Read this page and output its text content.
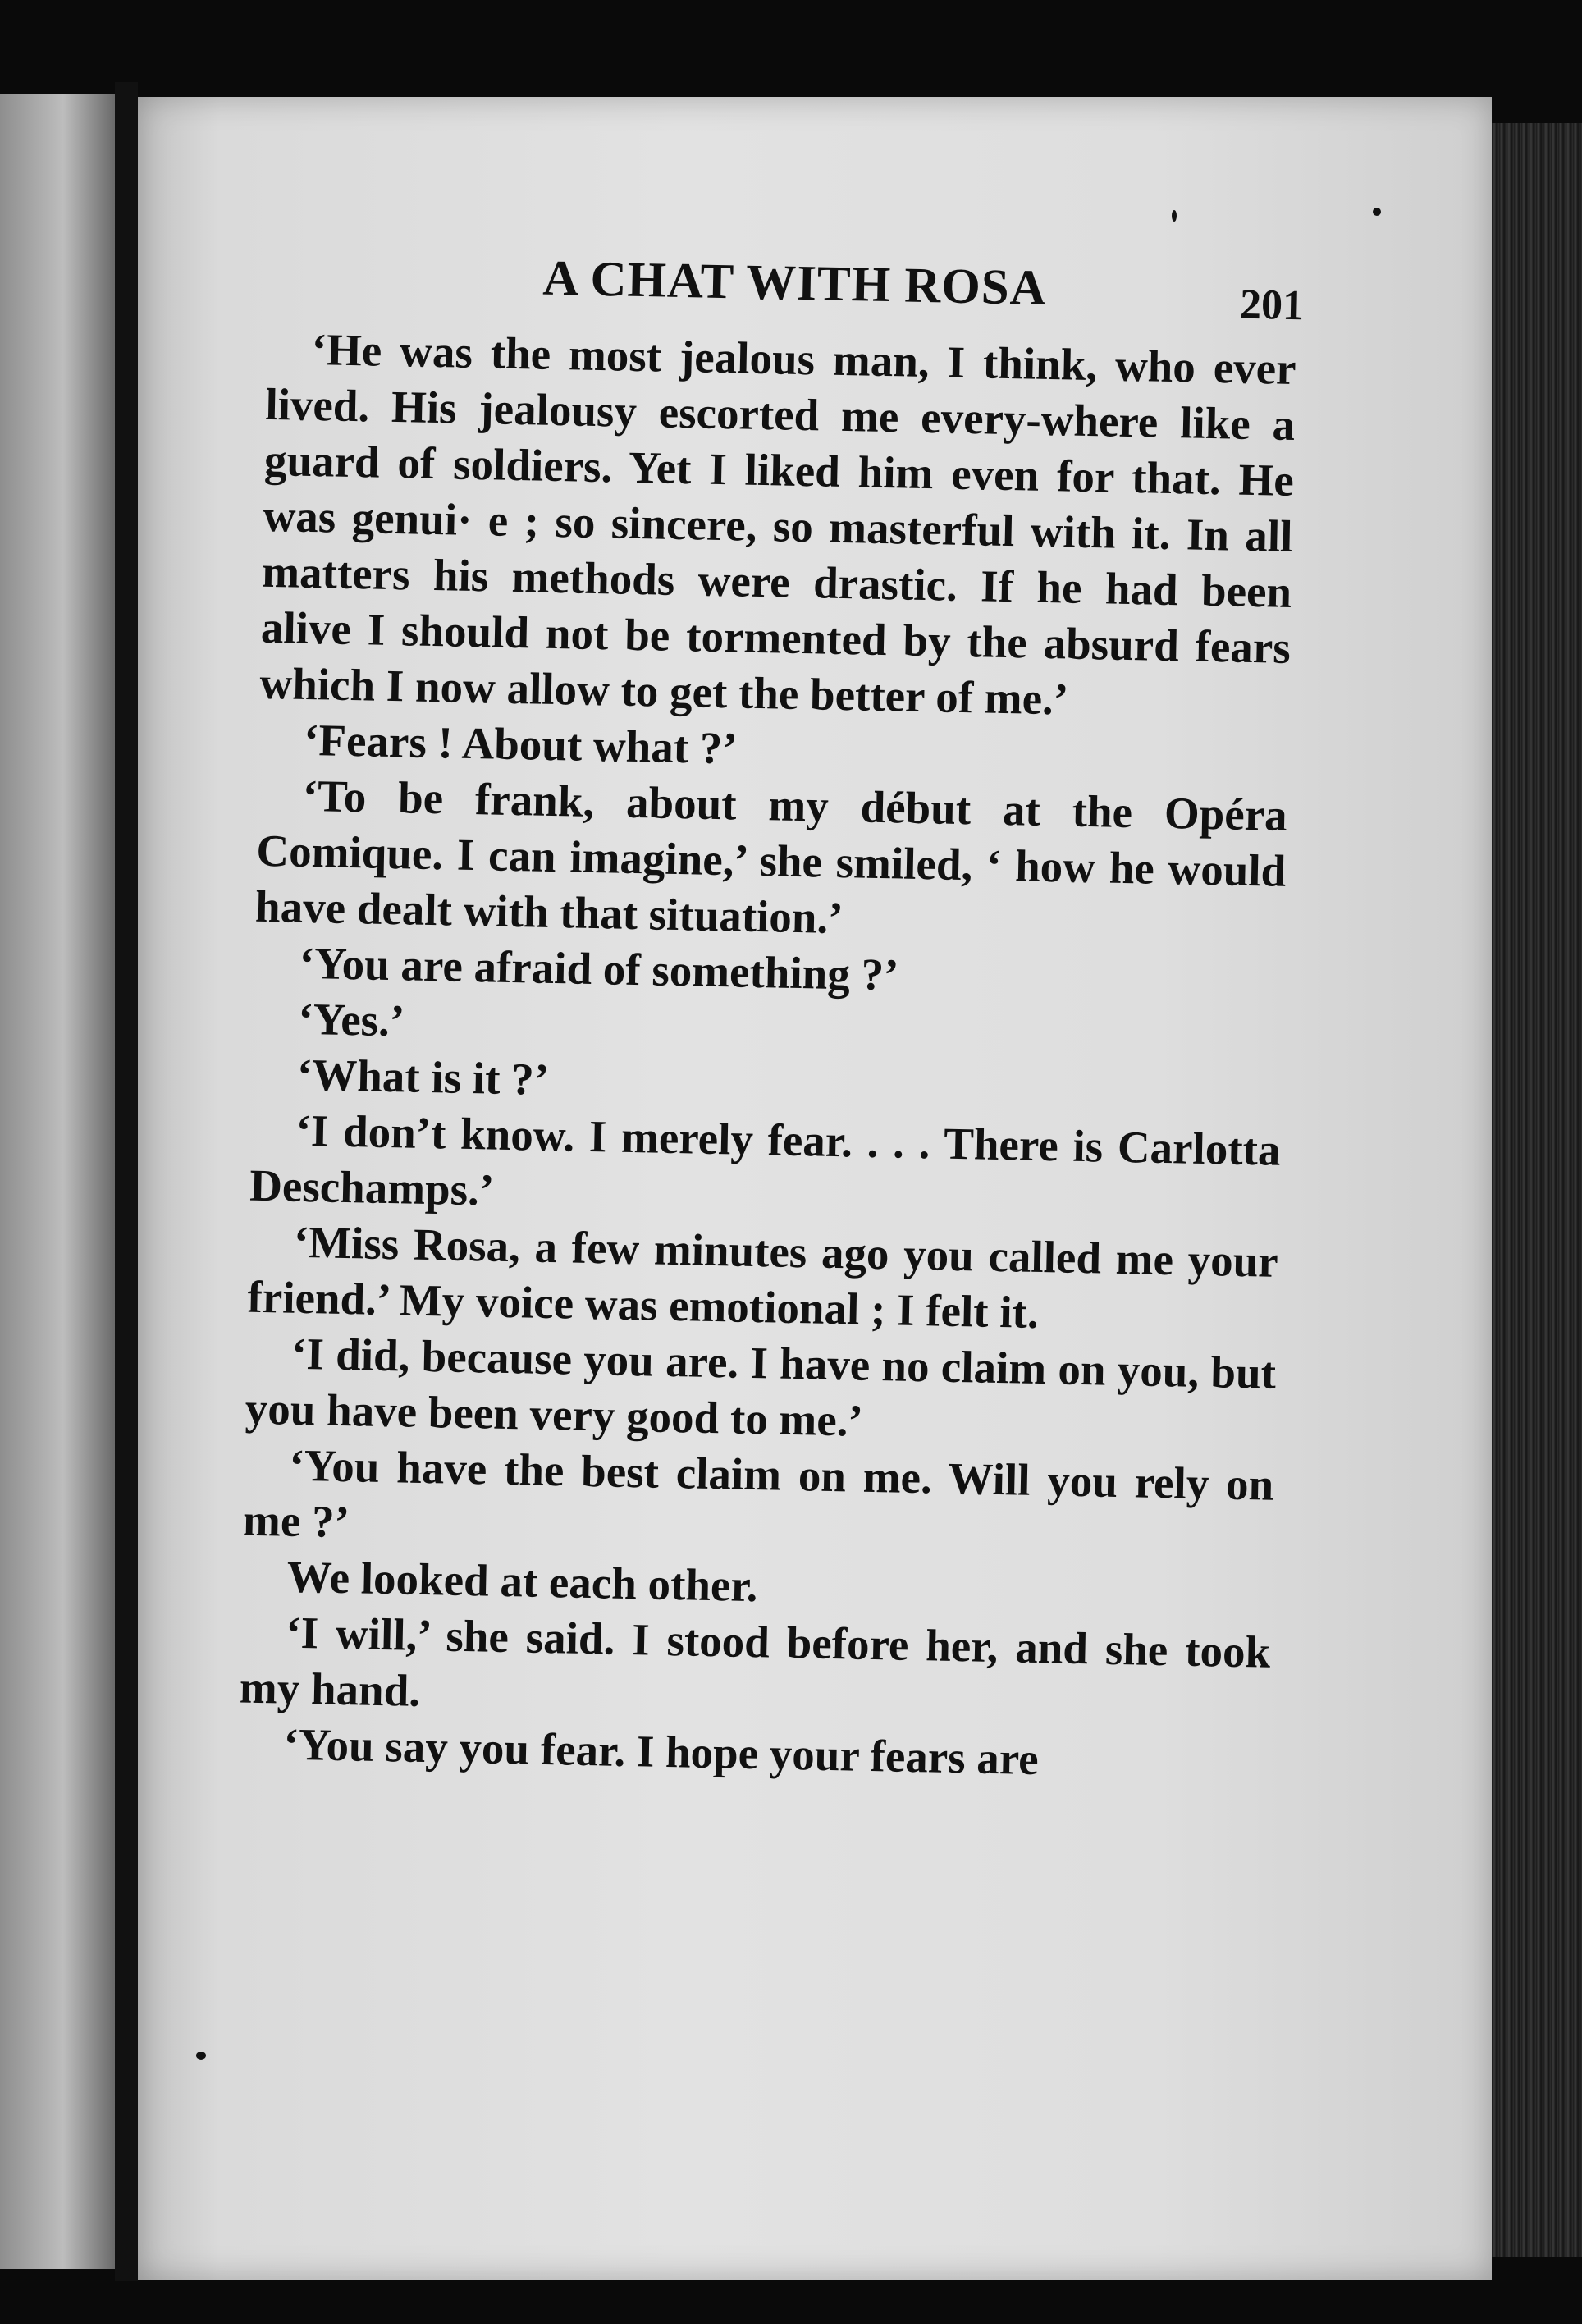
A CHAT WITH ROSA	201

‘He was the most jealous man, I think, who ever lived. His jealousy escorted me every-where like a guard of soldiers. Yet I liked him even for that. He was genui· e ; so sincere, so masterful with it. In all matters his methods were drastic. If he had been alive I should not be tormented by the absurd fears which I now allow to get the better of me.’

‘Fears ! About what ?’

‘To be frank, about my début at the Opéra Comique. I can imagine,’ she smiled, ‘ how he would have dealt with that situation.’

‘You are afraid of something ?’

‘Yes.’

‘What is it ?’

‘I don’t know. I merely fear. . . . There is Carlotta Deschamps.’

‘Miss Rosa, a few minutes ago you called me your friend.’ My voice was emotional ; I felt it.

‘I did, because you are. I have no claim on you, but you have been very good to me.’

‘You have the best claim on me. Will you rely on me ?’

We looked at each other.

‘I will,’ she said. I stood before her, and she took my hand.

‘You say you fear. I hope your fears are
